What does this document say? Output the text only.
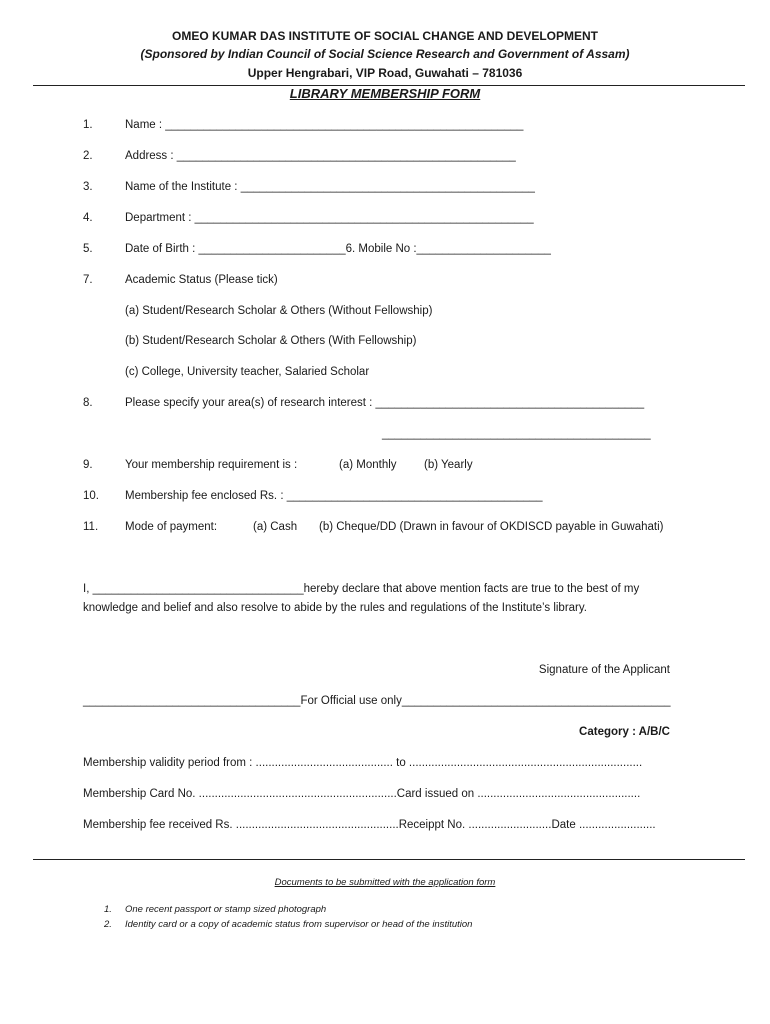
OMEO KUMAR DAS INSTITUTE OF SOCIAL CHANGE AND DEVELOPMENT
(Sponsored by Indian Council of Social Science Research and Government of Assam)
Upper Hengrabari, VIP Road, Guwahati – 781036
LIBRARY MEMBERSHIP FORM
1.	Name : ________________________________________________________
2.	Address : _____________________________________________________
3.	Name of the Institute : ______________________________________________
4.	Department : _____________________________________________________
5.	Date of Birth : _______________________6. Mobile No :_____________________
7.	Academic Status (Please tick)
(a) Student/Research Scholar & Others (Without Fellowship)
(b) Student/Research Scholar & Others (With Fellowship)
(c) College, University teacher, Salaried Scholar
8.	Please specify your area(s) of research interest : __________________________________________
__________________________________________
9.	Your membership requirement is :	(a) Monthly (b) Yearly
10. Membership fee enclosed Rs. : ________________________________________
11. Mode of payment:	(a) Cash (b) Cheque/DD (Drawn in favour of OKDISCD payable in Guwahati)
I, _________________________________hereby declare that above mention facts are true to the best of my
knowledge and belief and also resolve to abide by the rules and regulations of the Institute’s library.
Signature of the Applicant
__________________________________For Official use only__________________________________________
Category : A/B/C
Membership validity period from : ........................................... to .........................................................................
Membership Card No. ..............................................................Card issued on ...................................................
Membership fee received Rs. ...................................................Receippt No. ..........................Date ........................
Documents to be submitted with the application form
1. One recent passport or stamp sized photograph
2. Identity card or a copy of academic status from supervisor or head of the institution
